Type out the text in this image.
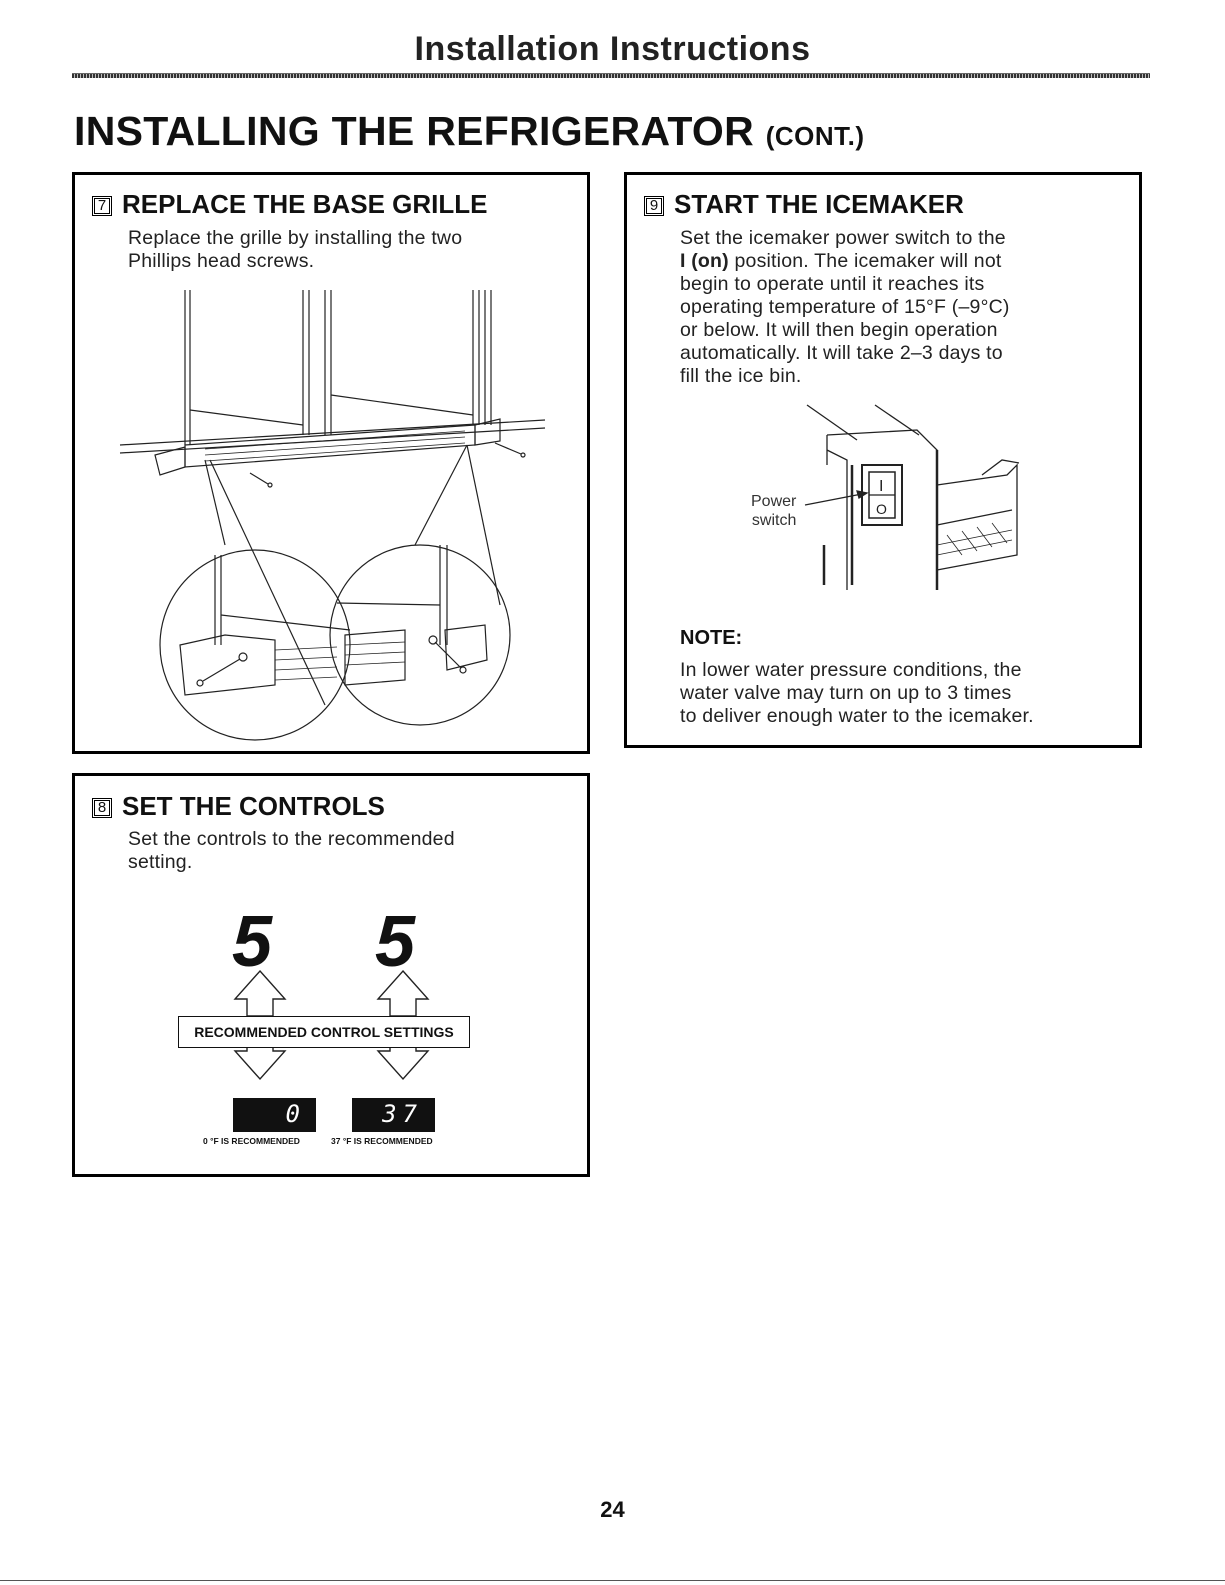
Installation Instructions
INSTALLING THE REFRIGERATOR (CONT.)
7 REPLACE THE BASE GRILLE
Replace the grille by installing the two
Phillips head screws.
8 SET THE CONTROLS
Set the controls to the recommended
setting.
5 5
RECOMMENDED CONTROL SETTINGS
0	37
0 °F IS RECOMMENDED	37 °F IS RECOMMENDED
9 START THE ICEMAKER
Set the icemaker power switch to the
I (on) position. The icemaker will not
begin to operate until it reaches its
operating temperature of 15°F (–9°C)
or below. It will then begin operation
automatically. It will take 2–3 days to
fill the ice bin.
I
O
Power
switch
NOTE:
In lower water pressure conditions, the
water valve may turn on up to 3 times
to deliver enough water to the icemaker.
24
